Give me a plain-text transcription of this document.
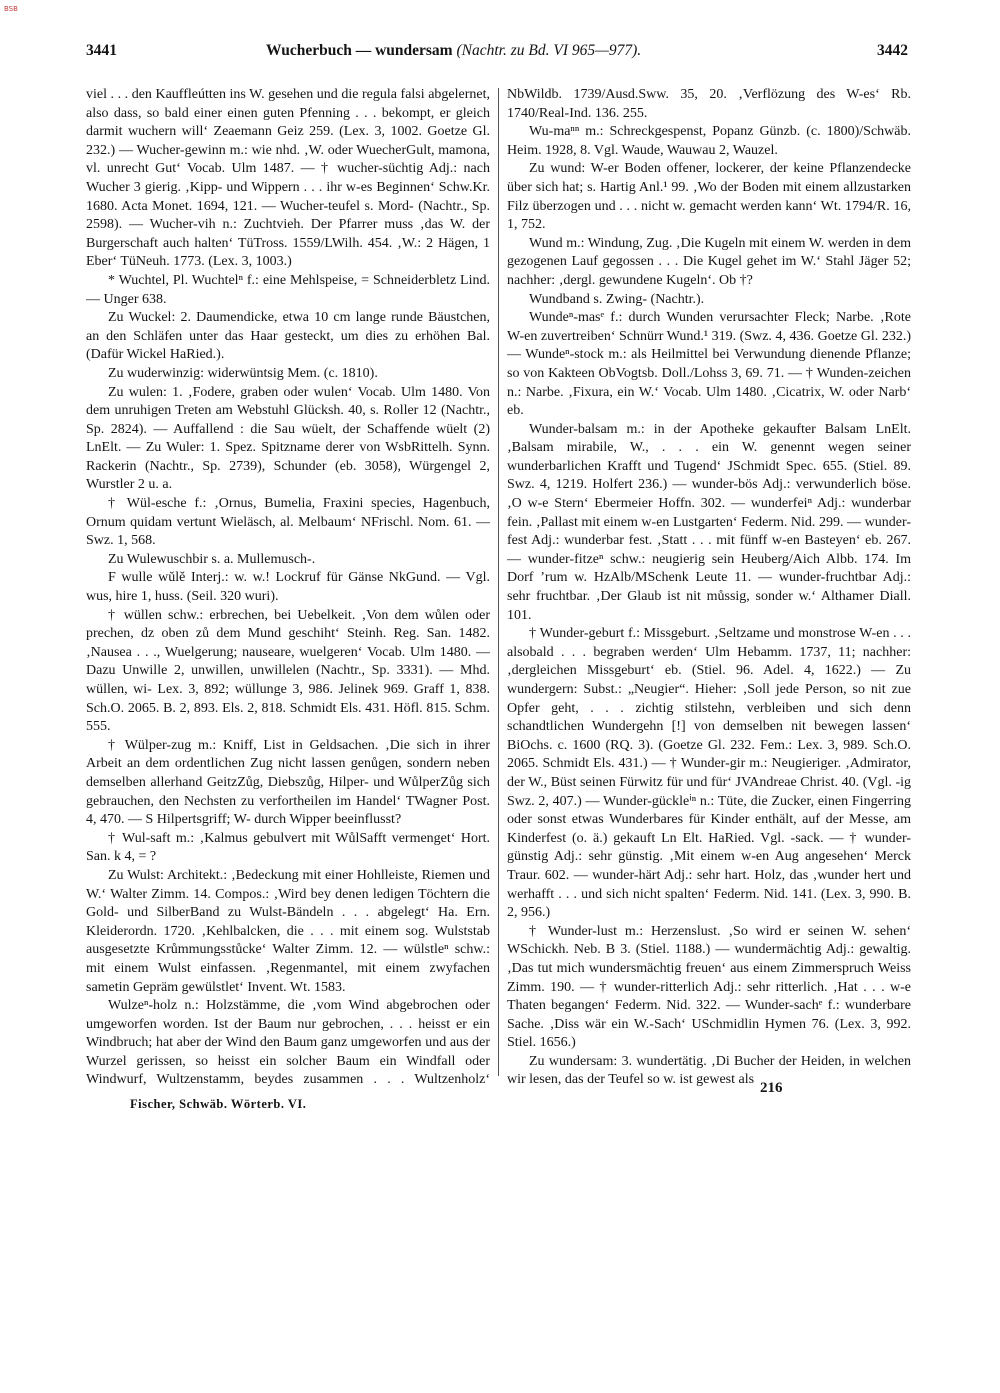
BSB
3441	Wucherbuch — wundersam (Nachtr. zu Bd. VI 965—977).	3442

viel . . . den Kauffleútten ins W. gesehen und die regula falsi abgelernet, also dass, so bald einer einen guten Pfenning . . . bekompt, er gleich darmit wuchern will‘ Zeaemann Geiz 259. (Lex. 3, 1002. Goetze Gl. 232.) — Wucher-gewinn m.: wie nhd. ‚W. oder WuecherGult, mamona, vl. unrecht Gut‘ Vocab. Ulm 1487. — † wucher-süchtig Adj.: nach Wucher 3 gierig. ‚Kipp- und Wippern . . . ihr w-es Beginnen‘ Schw.Kr. 1680. Acta Monet. 1694, 121. — Wucher-teufel s. Mord- (Nachtr., Sp. 2598). — Wucher-vih n.: Zuchtvieh. Der Pfarrer muss ‚das W. der Burgerschaft auch halten‘ TüTross. 1559/LWilh. 454. ‚W.: 2 Hägen, 1 Eber‘ TüNeuh. 1773. (Lex. 3, 1003.)

* Wuchtel, Pl. Wuchtelⁿ f.: eine Mehlspeise, = Schneiderbletz Lind. — Unger 638.

Zu Wuckel: 2. Daumendicke, etwa 10 cm lange runde Bäustchen, an den Schläfen unter das Haar gesteckt, um dies zu erhöhen Bal. (Dafür Wickel HaRied.).

Zu wuderwinzig: widerwüntsig Mem. (c. 1810).

Zu wulen: 1. ‚Fodere, graben oder wulen‘ Vocab. Ulm 1480. Von dem unruhigen Treten am Webstuhl Glücksh. 40, s. Roller 12 (Nachtr., Sp. 2824). — Auffallend : die Sau wüelt, der Schaffende wüelt (2) LnElt. — Zu Wuler: 1. Spez. Spitzname derer von WsbRittelh. Synn. Rackerin (Nachtr., Sp. 2739), Schunder (eb. 3058), Würgengel 2, Wurstler 2 u. a.

† Wül-esche f.: ‚Ornus, Bumelia, Fraxini species, Hagenbuch, Ornum quidam vertunt Wieläsch, al. Melbaum‘ NFrischl. Nom. 61. — Swz. 1, 568.

Zu Wulewuschbir s. a. Mullemusch-.

F wulle wŭlĕ Interj.: w. w.! Lockruf für Gänse NkGund. — Vgl. wus, hire 1, huss. (Seil. 320 wuri).

† wüllen schw.: erbrechen, bei Uebelkeit. ‚Von dem wůlen oder prechen, dz oben zů dem Mund geschiht‘ Steinh. Reg. San. 1482. ‚Nausea . . ., Wuelgerung; nauseare, wuelgeren‘ Vocab. Ulm 1480. — Dazu Unwille 2, unwillen, unwillelen (Nachtr., Sp. 3331). — Mhd. wüllen, wi- Lex. 3, 892; wüllunge 3, 986. Jelinek 969. Graff 1, 838. Sch.O. 2065. B. 2, 893. Els. 2, 818. Schmidt Els. 431. Höfl. 815. Schm. 555.

† Wülper-zug m.: Kniff, List in Geldsachen. ‚Die sich in ihrer Arbeit an dem ordentlichen Zug nicht lassen genůgen, sondern neben demselben allerhand GeitzZůg, Diebszůg, Hilper- und WůlperZůg sich gebrauchen, den Nechsten zu verfortheilen im Handel‘ TWagner Post. 4, 470. — S Hilpertsgriff; W- durch Wipper beeinflusst?

† Wul-saft m.: ‚Kalmus gebulvert mit WůlSafft vermenget‘ Hort. San. k 4, = ?

Zu Wulst: Architekt.: ‚Bedeckung mit einer Hohlleiste, Riemen und W.‘ Walter Zimm. 14. Compos.: ‚Wird bey denen ledigen Töchtern die Gold- und SilberBand zu Wulst-Bändeln . . . abgelegt‘ Ha. Ern. Kleiderordn. 1720. ‚Kehlbalcken, die . . . mit einem sog. Wulststab ausgesetzte Krůmmungsstůcke‘ Walter Zimm. 12. — wülstleⁿ schw.: mit einem Wulst einfassen. ‚Regenmantel, mit einem zwyfachen sametin Gepräm gewülstlet‘ Invent. Wt. 1583.

Wulzeⁿ-holz n.: Holzstämme, die ‚vom Wind abgebrochen oder umgeworfen worden. Ist der Baum nur gebrochen, . . . heisst er ein Windbruch; hat aber der Wind den Baum ganz umgeworfen und aus der Wurzel gerissen, so heisst ein solcher Baum ein Windfall oder Windwurf, Wultzenstamm, beydes zusammen . . . Wultzenholz‘

NbWildb. 1739/Ausd.Sww. 35, 20. ‚Verflözung des W-es‘ Rb. 1740/Real-Ind. 136. 255.

Wu-maⁿⁿ m.: Schreckgespenst, Popanz Günzb. (c. 1800)/Schwäb. Heim. 1928, 8. Vgl. Waude, Wauwau 2, Wauzel.

Zu wund: W-er Boden offener, lockerer, der keine Pflanzendecke über sich hat; s. Hartig Anl.¹ 99. ‚Wo der Boden mit einem allzustarken Filz überzogen und . . . nicht w. gemacht werden kann‘ Wt. 1794/R. 16, 1, 752.

Wund m.: Windung, Zug. ‚Die Kugeln mit einem W. werden in dem gezogenen Lauf gegossen . . . Die Kugel gehet im W.‘ Stahl Jäger 52; nachher: ‚dergl. gewundene Kugeln‘. Ob †?

Wundband s. Zwing- (Nachtr.).

Wundeⁿ-masᵉ f.: durch Wunden verursachter Fleck; Narbe. ‚Rote W-en zuvertreiben‘ Schnürr Wund.¹ 319. (Swz. 4, 436. Goetze Gl. 232.) — Wundeⁿ-stock m.: als Heilmittel bei Verwundung dienende Pflanze; so von Kakteen ObVogtsb. Doll./Lohss 3, 69. 71. — † Wunden-zeichen n.: Narbe. ‚Fixura, ein W.‘ Vocab. Ulm 1480. ‚Cicatrix, W. oder Narb‘ eb.

Wunder-balsam m.: in der Apotheke gekaufter Balsam LnElt. ‚Balsam mirabile, W., . . . ein W. genennt wegen seiner wunderbarlichen Krafft und Tugend‘ JSchmidt Spec. 655. (Stiel. 89. Swz. 4, 1219. Holfert 236.) — wunder-bös Adj.: verwunderlich böse. ‚O w-e Stern‘ Ebermeier Hoffn. 302. — wunderfeiⁿ Adj.: wunderbar fein. ‚Pallast mit einem w-en Lustgarten‘ Federm. Nid. 299. — wunder-fest Adj.: wunderbar fest. ‚Statt . . . mit fünff w-en Basteyen‘ eb. 267. — wunder-fitzeⁿ schw.: neugierig sein Heuberg/Aich Albb. 174. Im Dorf ’rum w. HzAlb/MSchenk Leute 11. — wunder-fruchtbar Adj.: sehr fruchtbar. ‚Der Glaub ist nit můssig, sonder w.‘ Althamer Diall. 101.

† Wunder-geburt f.: Missgeburt. ‚Seltzame und monstrose W-en . . . alsobald . . . begraben werden‘ Ulm Hebamm. 1737, 11; nachher: ‚dergleichen Missgeburt‘ eb. (Stiel. 96. Adel. 4, 1622.) — Zu wundergern: Subst.: „Neugier“. Hieher: ‚Soll jede Person, so nit zue Opfer geht, . . . zichtig stilstehn, verbleiben und sich denn schandtlichen Wundergehn [!] von demselben nit bewegen lassen‘ BiOchs. c. 1600 (RQ. 3). (Goetze Gl. 232. Fem.: Lex. 3, 989. Sch.O. 2065. Schmidt Els. 431.) — † Wunder-gir m.: Neugieriger. ‚Admirator, der W., Büst seinen Fürwitz für und für‘ JVAndreae Christ. 40. (Vgl. -ig Swz. 2, 407.) — Wunder-gückleⁱⁿ n.: Tüte, die Zucker, einen Fingerring oder sonst etwas Wunderbares für Kinder enthält, auf der Messe, am Kinderfest (o. ä.) gekauft Ln Elt. HaRied. Vgl. -sack. — † wunder-günstig Adj.: sehr günstig. ‚Mit einem w-en Aug angesehen‘ Merck Traur. 602. — wunder-härt Adj.: sehr hart. Holz, das ‚wunder hert und werhafft . . . und sich nicht spalten‘ Federm. Nid. 141. (Lex. 3, 990. B. 2, 956.)

† Wunder-lust m.: Herzenslust. ‚So wird er seinen W. sehen‘ WSchickh. Neb. B 3. (Stiel. 1188.) — wundermächtig Adj.: gewaltig. ‚Das tut mich wundersmächtig freuen‘ aus einem Zimmerspruch Weiss Zimm. 190. — † wunder-ritterlich Adj.: sehr ritterlich. ‚Hat . . . w-e Thaten begangen‘ Federm. Nid. 322. — Wunder-sachᵉ f.: wunderbare Sache. ‚Diss wär ein W.-Sach‘ USchmidlin Hymen 76. (Lex. 3, 992. Stiel. 1656.)

Zu wundersam: 3. wundertätig. ‚Di Bucher der Heiden, in welchen wir lesen, das der Teufel so w. ist gewest als

Fischer, Schwäb. Wörterb. VI.
216
